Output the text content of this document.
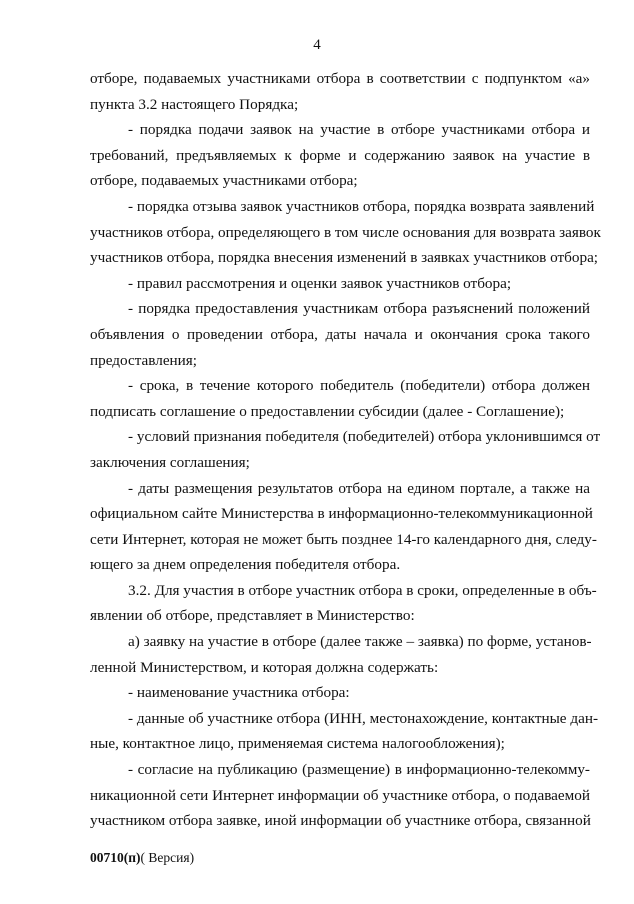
4
отборе, подаваемых участниками отбора в соответствии с подпунктом «а»
пункта 3.2 настоящего Порядка;
- порядка подачи заявок на участие в отборе участниками отбора и
требований, предъявляемых к форме и содержанию заявок на участие в
отборе, подаваемых участниками отбора;
- порядка отзыва заявок участников отбора, порядка возврата заявлений
участников отбора, определяющего в том числе основания для возврата заявок
участников отбора, порядка внесения изменений в заявках участников отбора;
- правил рассмотрения и оценки заявок участников отбора;
- порядка предоставления участникам отбора разъяснений положений
объявления о проведении отбора, даты начала и окончания срока такого
предоставления;
- срока, в течение которого победитель (победители) отбора должен
подписать соглашение о предоставлении субсидии (далее - Соглашение);
- условий признания победителя (победителей) отбора уклонившимся от
заключения соглашения;
- даты размещения результатов отбора на едином портале, а также на
официальном сайте Министерства в информационно-телекоммуникационной
сети Интернет, которая не может быть позднее 14-го календарного дня, следу-
ющего за днем определения победителя отбора.
3.2. Для участия в отборе участник отбора в сроки, определенные в объ-
явлении об отборе, представляет в Министерство:
а) заявку на участие в отборе (далее также – заявка) по форме, установ-
ленной Министерством, и которая должна содержать:
- наименование участника отбора:
- данные об участнике отбора (ИНН, местонахождение, контактные дан-
ные, контактное лицо, применяемая система налогообложения);
- согласие на публикацию (размещение) в информационно-телекомму-
никационной сети Интернет информации об участнике отбора, о подаваемой
участником отбора заявке, иной информации об участнике отбора, связанной
00710(п)( Версия)
